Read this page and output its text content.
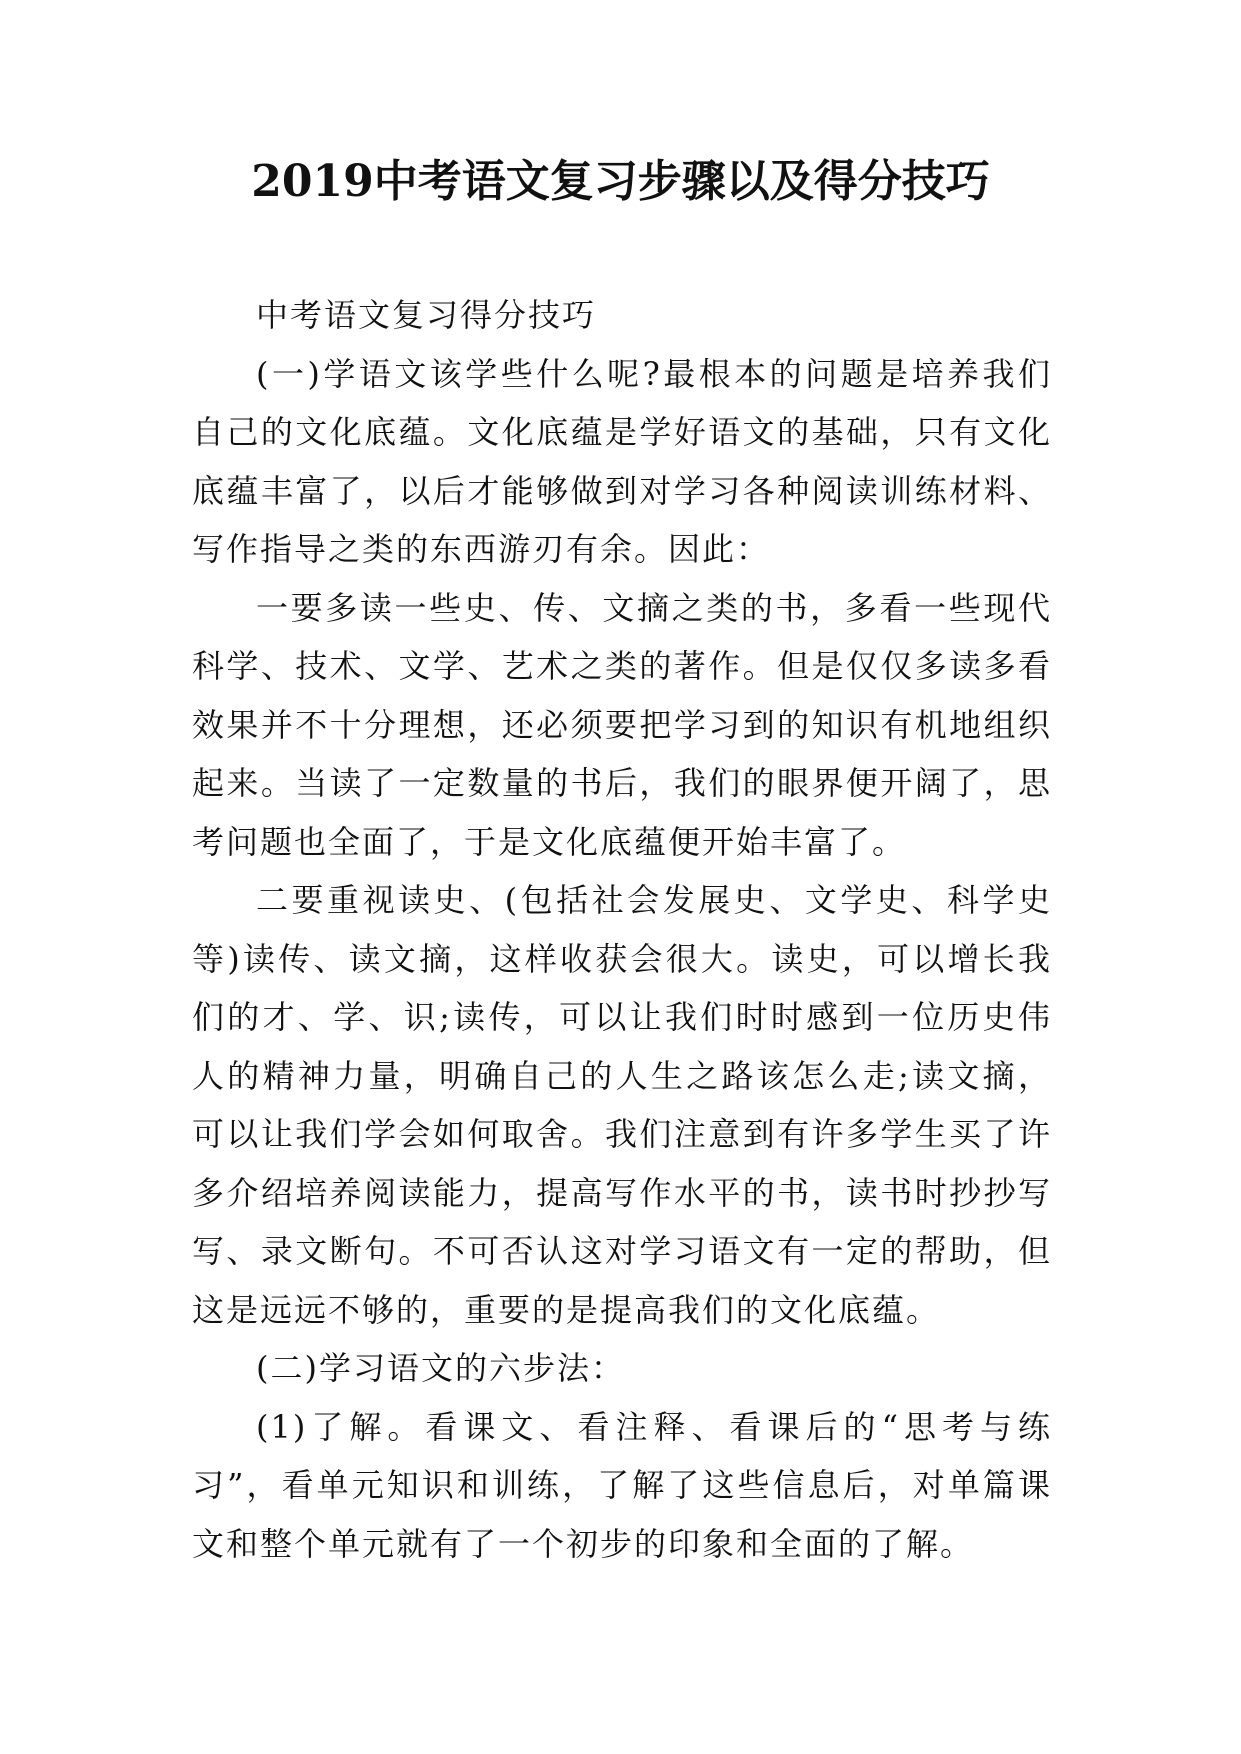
2019中考语文复习步骤以及得分技巧

中考语文复习得分技巧

(一)学语文该学些什么呢?最根本的问题是培养我们自己的文化底蕴。文化底蕴是学好语文的基础，只有文化底蕴丰富了，以后才能够做到对学习各种阅读训练材料、写作指导之类的东西游刃有余。因此：

一要多读一些史、传、文摘之类的书，多看一些现代科学、技术、文学、艺术之类的著作。但是仅仅多读多看效果并不十分理想，还必须要把学习到的知识有机地组织起来。当读了一定数量的书后，我们的眼界便开阔了，思考问题也全面了，于是文化底蕴便开始丰富了。

二要重视读史、(包括社会发展史、文学史、科学史等)读传、读文摘，这样收获会很大。读史，可以增长我们的才、学、识;读传，可以让我们时时感到一位历史伟人的精神力量，明确自己的人生之路该怎么走;读文摘，可以让我们学会如何取舍。我们注意到有许多学生买了许多介绍培养阅读能力，提高写作水平的书，读书时抄抄写写、录文断句。不可否认这对学习语文有一定的帮助，但这是远远不够的，重要的是提高我们的文化底蕴。

(二)学习语文的六步法：

(1)了解。看课文、看注释、看课后的“思考与练习”，看单元知识和训练，了解了这些信息后，对单篇课文和整个单元就有了一个初步的印象和全面的了解。
